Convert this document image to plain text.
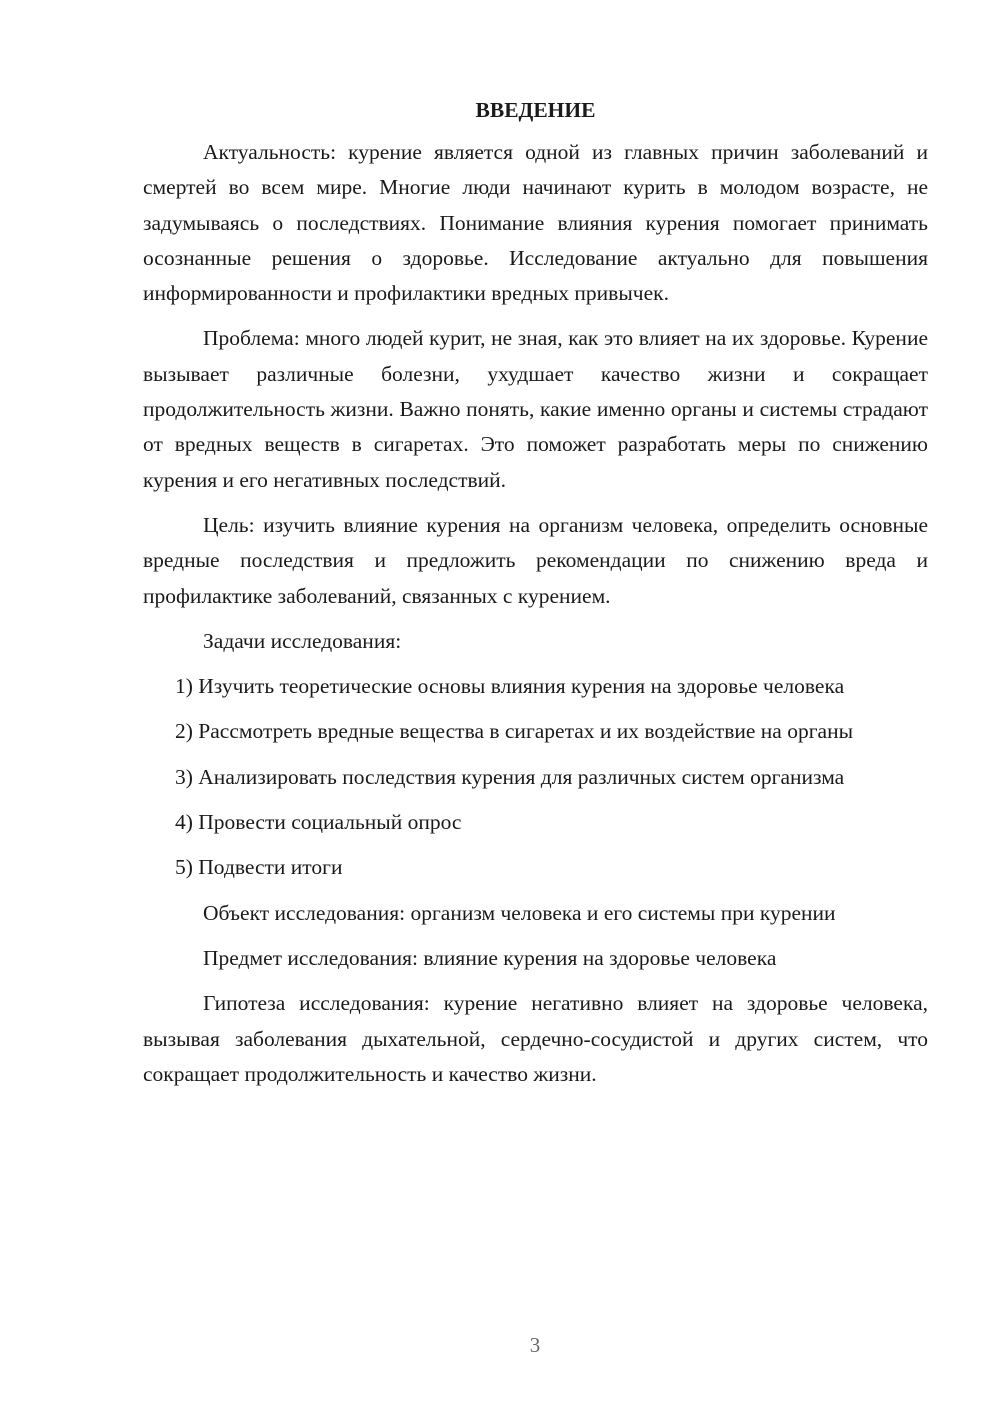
ВВЕДЕНИЕ

Актуальность: курение является одной из главных причин заболеваний и смертей во всем мире. Многие люди начинают курить в молодом возрасте, не задумываясь о последствиях. Понимание влияния курения помогает принимать осознанные решения о здоровье. Исследование актуально для повышения информированности и профилактики вредных привычек.

Проблема: много людей курит, не зная, как это влияет на их здоровье. Курение вызывает различные болезни, ухудшает качество жизни и сокращает продолжительность жизни. Важно понять, какие именно органы и системы страдают от вредных веществ в сигаретах. Это поможет разработать меры по снижению курения и его негативных последствий.

Цель: изучить влияние курения на организм человека, определить основные вредные последствия и предложить рекомендации по снижению вреда и профилактике заболеваний, связанных с курением.

Задачи исследования:

1) Изучить теоретические основы влияния курения на здоровье человека

2) Рассмотреть вредные вещества в сигаретах и их воздействие на органы

3) Анализировать последствия курения для различных систем организма

4) Провести социальный опрос

5) Подвести итоги

Объект исследования: организм человека и его системы при курении

Предмет исследования: влияние курения на здоровье человека

Гипотеза исследования: курение негативно влияет на здоровье человека, вызывая заболевания дыхательной, сердечно-сосудистой и других систем, что сокращает продолжительность и качество жизни.

3
